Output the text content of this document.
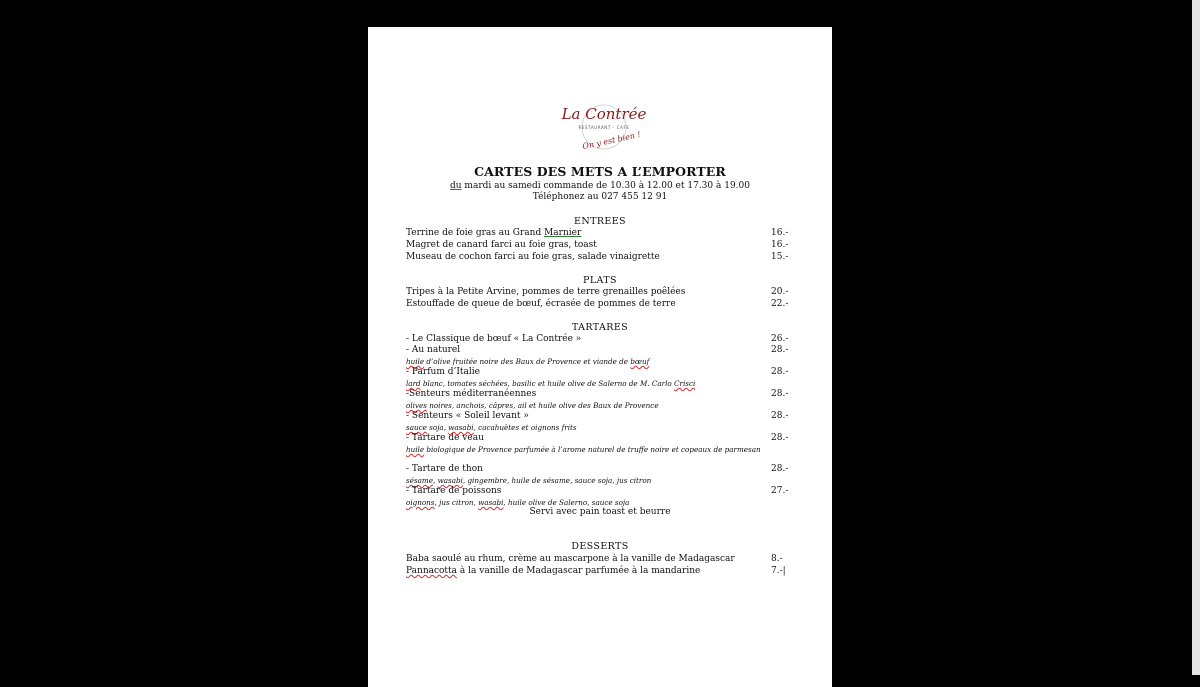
La Contrée
RESTAURANT - CAFE
On y est bien !
CARTES DES METS A L’EMPORTER
du mardi au samedi commande de 10.30 à 12.00 et 17.30 à 19.00
Téléphonez au 027 455 12 91
ENTREES
Terrine de foie gras au Grand Marnier	16.-
Magret de canard farci au foie gras, toast	16.-
Museau de cochon farci au foie gras, salade vinaigrette	15.-
PLATS
Tripes à la Petite Arvine, pommes de terre grenailles poêlées	20.-
Estouffade de queue de bœuf, écrasée de pommes de terre	22.-
TARTARES
- Le Classique de bœuf « La Contrée »	26.-
- Au naturel	28.-
huile d’olive fruitée noire des Baux de Provence et viande de bœuf
- Parfum d’Italie	28.-
lard blanc, tomates séchées, basilic et huile olive de Salerno de M. Carlo Crisci
-Senteurs méditerranéennes	28.-
olives noires, anchois, câpres, ail et huile olive des Baux de Provence
- Senteurs « Soleil levant »	28.-
sauce soja, wasabi, cacahuètes et oignons frits
- Tartare de veau	28.-
huile biologique de Provence parfumée à l’arome naturel de truffe noire et copeaux de parmesan
- Tartare de thon	28.-
sésame, wasabi, gingembre, huile de sésame, sauce soja, jus citron
- Tartare de poissons	27.-
oignons, jus citron, wasabi, huile olive de Salerno, sauce soja
Servi avec pain toast et beurre
DESSERTS
Baba saoulé au rhum, crème au mascarpone à la vanille de Madagascar	8.-
Pannacotta à la vanille de Madagascar parfumée à la mandarine	7.-|
